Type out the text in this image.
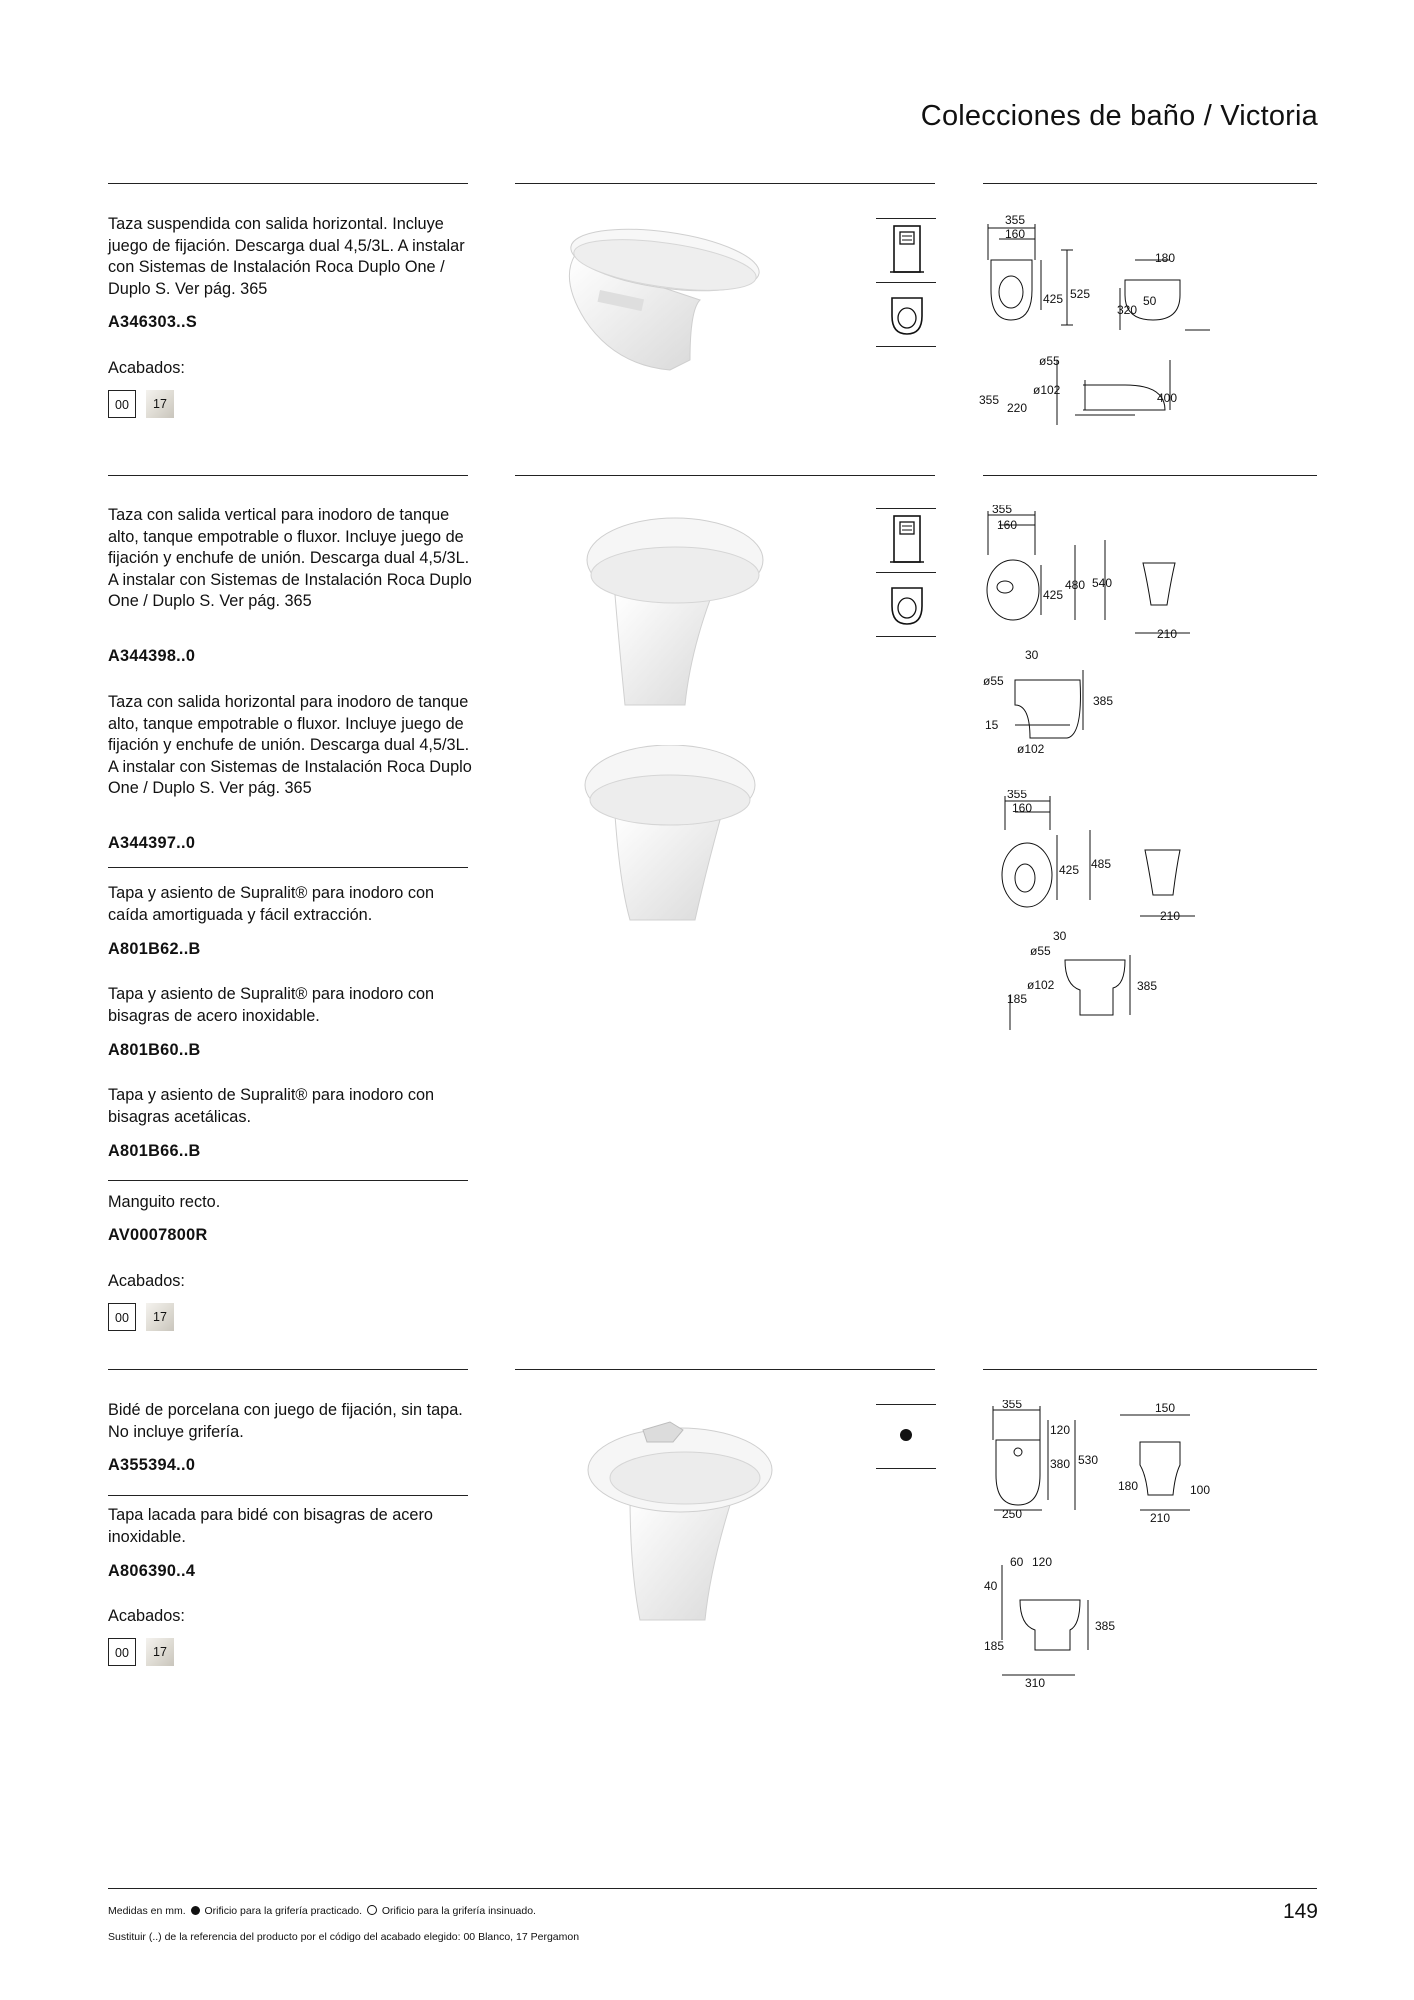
Colecciones de baño / Victoria
Taza suspendida con salida horizontal. Incluye juego de fijación. Descarga dual 4,5/3L. A instalar con Sistemas de Instalación Roca Duplo One / Duplo S. Ver pág. 365
A346303..S
Acabados:
00	17
355
160
425 525
180
320
50
ø55
355
220
ø102
400
Taza con salida vertical para inodoro de tanque alto, tanque empotrable o fluxor. Incluye juego de fijación y enchufe de unión. Descarga dual 4,5/3L. A instalar con Sistemas de Instalación Roca Duplo One / Duplo S. Ver pág. 365
A344398..0
Taza con salida horizontal para inodoro de tanque alto, tanque empotrable o fluxor. Incluye juego de fijación y enchufe de unión. Descarga dual 4,5/3L. A instalar con Sistemas de Instalación Roca Duplo One / Duplo S. Ver pág. 365
A344397..0
Tapa y asiento de Supralit® para inodoro con caída amortiguada y fácil extracción.
A801B62..B
Tapa y asiento de Supralit® para inodoro con bisagras de acero inoxidable.
A801B60..B
Tapa y asiento de Supralit® para inodoro con bisagras acetálicas.
A801B66..B
Manguito recto.
AV0007800R
Acabados:
00	17
355
160
425
480 540
210
30
ø55
385
15
ø102
355
160
425 485
210
30
ø55
ø102
185
385
Bidé de porcelana con juego de fijación, sin tapa. No incluye grifería.
A355394..0
Tapa lacada para bidé con bisagras de acero inoxidable.
A806390..4
Acabados:
00	17
355
120
380 530
250
150
180	100
210
60 120
40
385
185
310
Medidas en mm. Orificio para la grifería practicado. Orificio para la grifería insinuado.
Sustituir (..) de la referencia del producto por el código del acabado elegido: 00 Blanco, 17 Pergamon
149
